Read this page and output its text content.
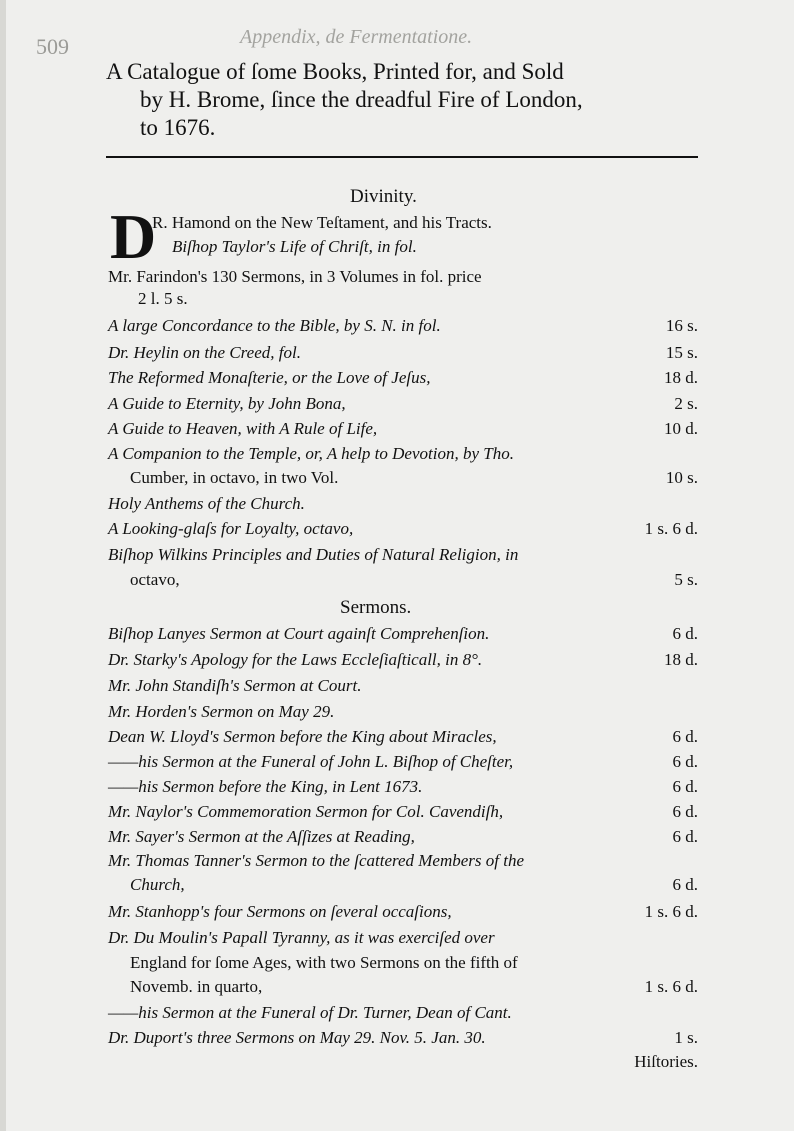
509	Appendix, de Fermentatione.
A Catalogue of ſome Books, Printed for, and Sold
by H. Brome, ſince the dreadful Fire of London,
to 1676.
Divinity.
D
R. Hamond on the New Teſtament, and his Tracts.
Biſhop Taylor's Life of Chriſt, in fol.
Mr. Farindon's 130 Sermons, in 3 Volumes in fol. price
2 l. 5 s.
A large Concordance to the Bible, by S. N. in fol.	16 s.
Dr. Heylin on the Creed, fol.	15 s.
The Reformed Monaſterie, or the Love of Jeſus,	18 d.
A Guide to Eternity, by John Bona,	2 s.
A Guide to Heaven, with A Rule of Life,	10 d.
A Companion to the Temple, or, A help to Devotion, by Tho.
Cumber, in octavo, in two Vol.	10 s.
Holy Anthems of the Church.
A Looking-glaſs for Loyalty, octavo,	1 s. 6 d.
Biſhop Wilkins Principles and Duties of Natural Religion, in
octavo,	5 s.
Sermons.
Biſhop Lanyes Sermon at Court againſt Comprehenſion.	6 d.
Dr. Starky's Apology for the Laws Eccleſiaſticall, in 8°.	18 d.
Mr. John Standiſh's Sermon at Court.
Mr. Horden's Sermon on May 29.
Dean W. Lloyd's Sermon before the King about Miracles,	6 d.
——his Sermon at the Funeral of John L. Biſhop of Cheſter,	6 d.
——his Sermon before the King, in Lent 1673.	6 d.
Mr. Naylor's Commemoration Sermon for Col. Cavendiſh,	6 d.
Mr. Sayer's Sermon at the Aſſizes at Reading,	6 d.
Mr. Thomas Tanner's Sermon to the ſcattered Members of the
Church,	6 d.
Mr. Stanhopp's four Sermons on ſeveral occaſions,	1 s. 6 d.
Dr. Du Moulin's Papall Tyranny, as it was exerciſed over
England for ſome Ages, with two Sermons on the fifth of
Novemb. in quarto,	1 s. 6 d.
——his Sermon at the Funeral of Dr. Turner, Dean of Cant.
Dr. Duport's three Sermons on May 29. Nov. 5. Jan. 30.	1 s.
Hiſtories.
